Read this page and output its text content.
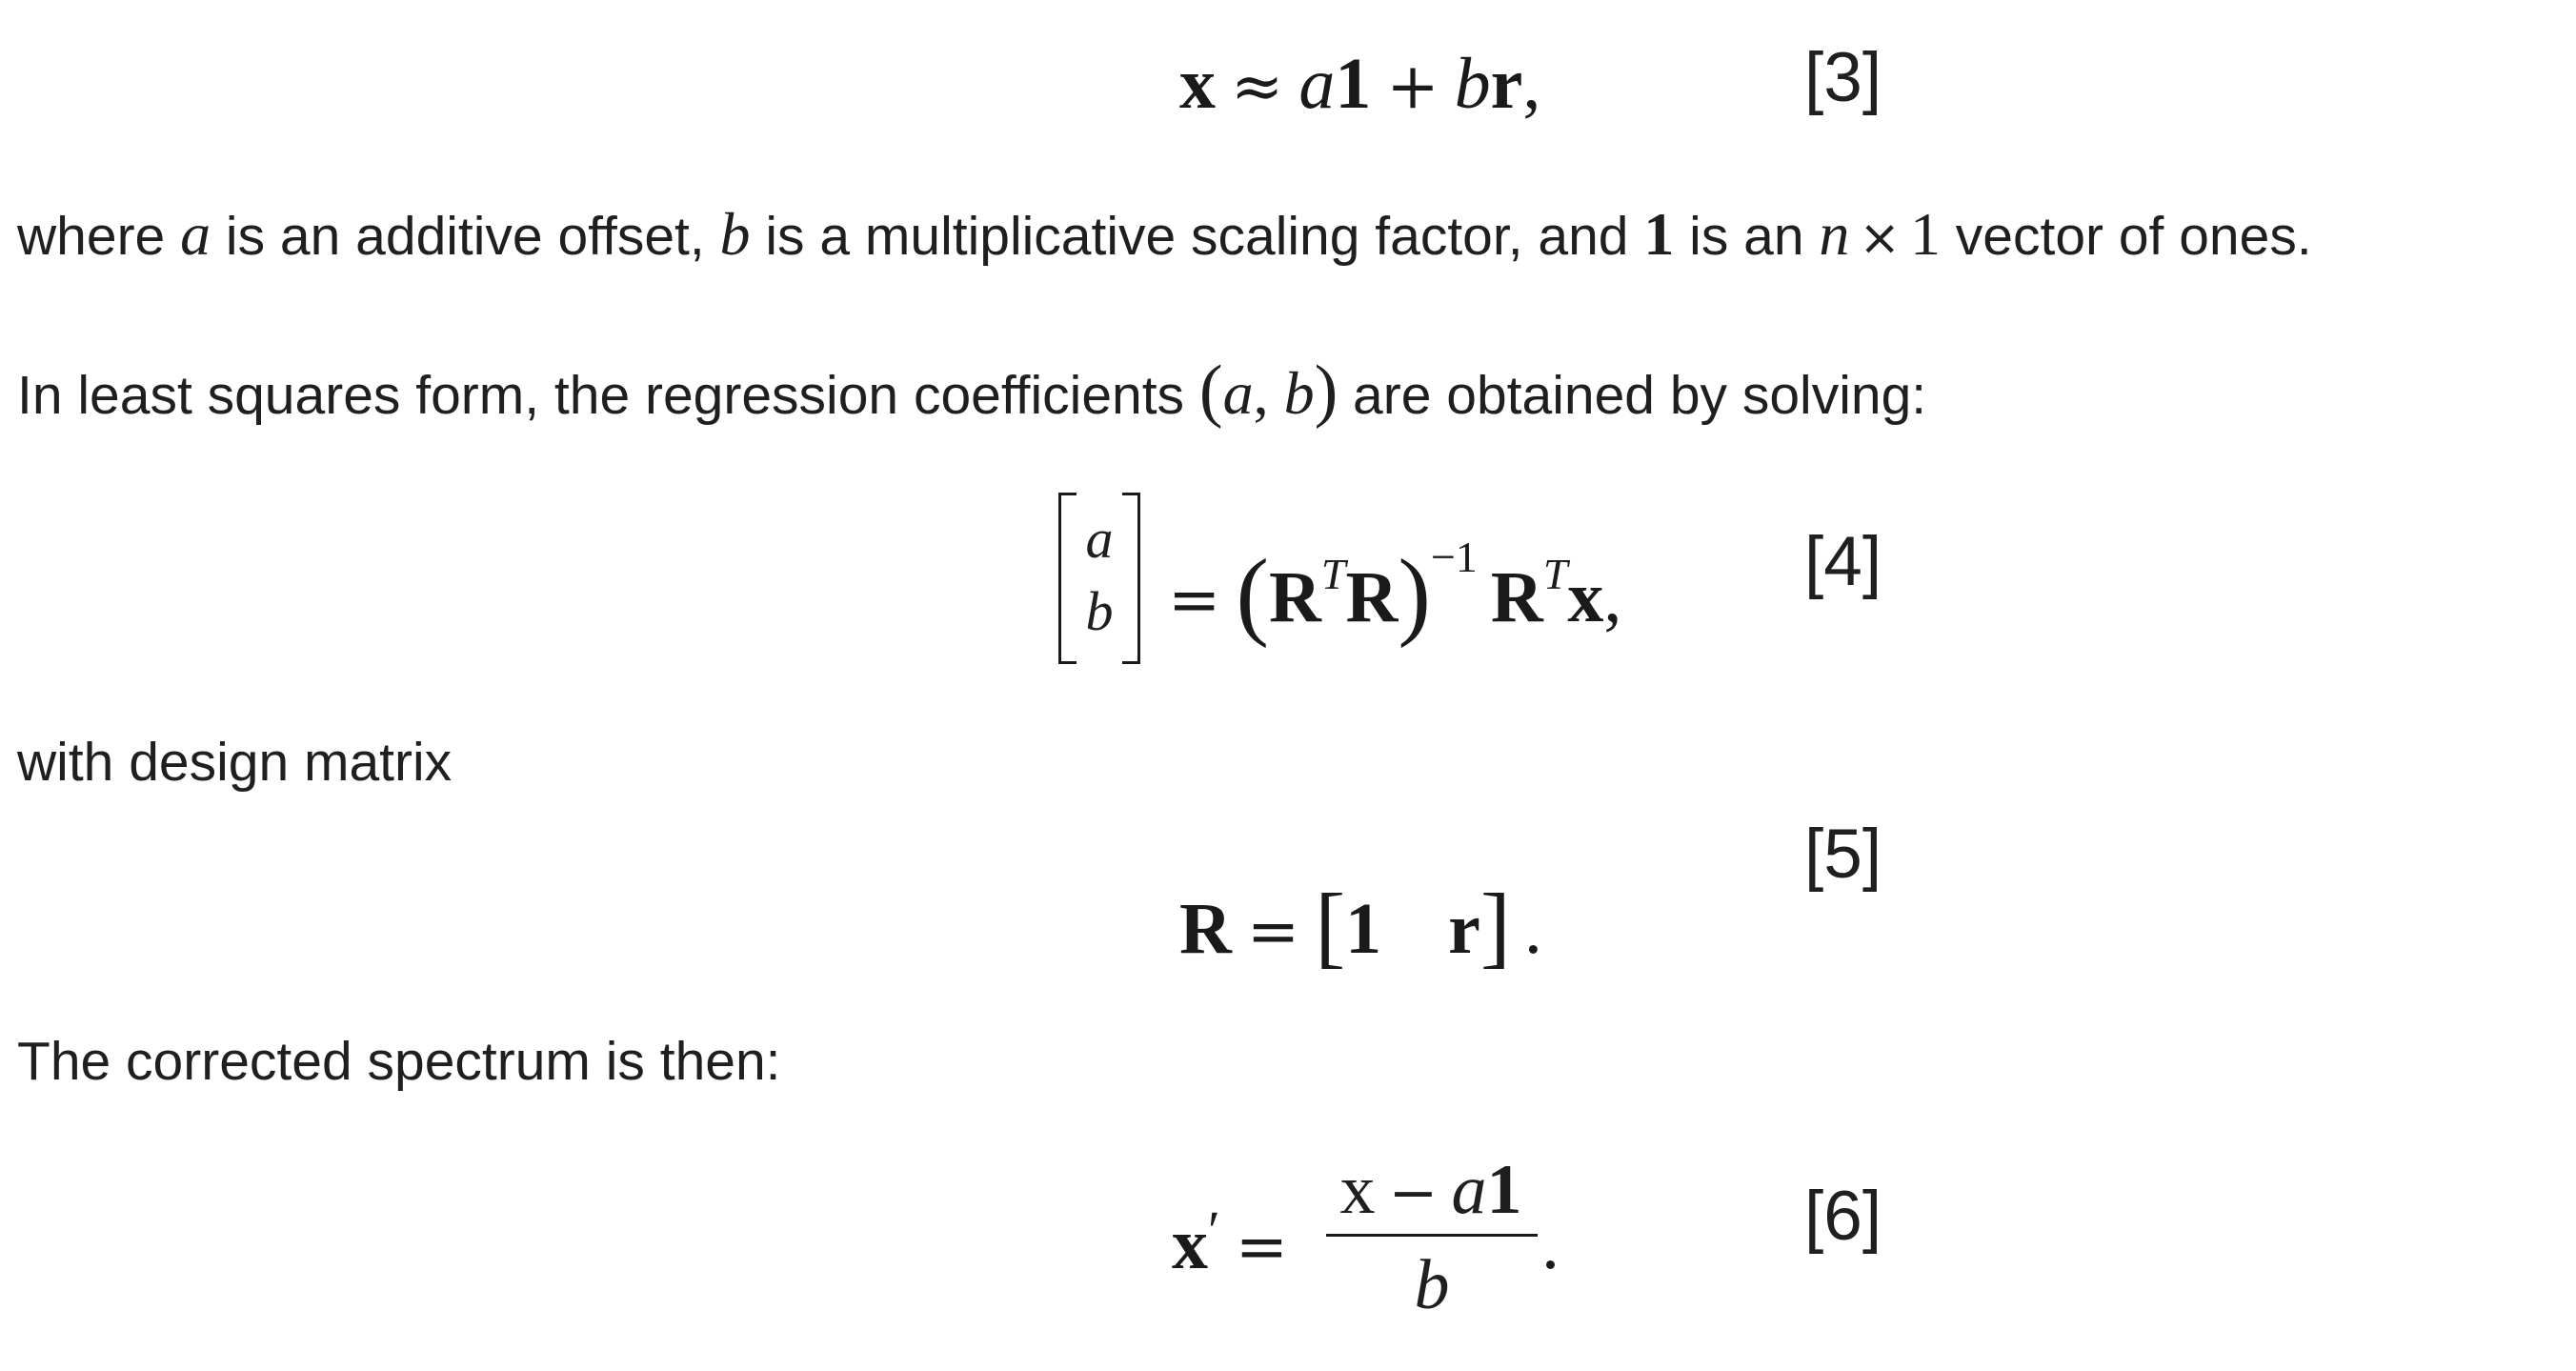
x ≈ a1 + br,	[3]
where a is an additive offset, b is a multiplicative scaling factor, and 1 is an n × 1 vector of ones.
In least squares form, the regression coefficients (a, b) are obtained by solving:
a
$b = (R^TR)^{-1}R^Tx$,	[4]
with design matrix
R = [1 r] .
[5]
The corrected spectrum is then:
x′ =
x − a1
b
.	[6]
